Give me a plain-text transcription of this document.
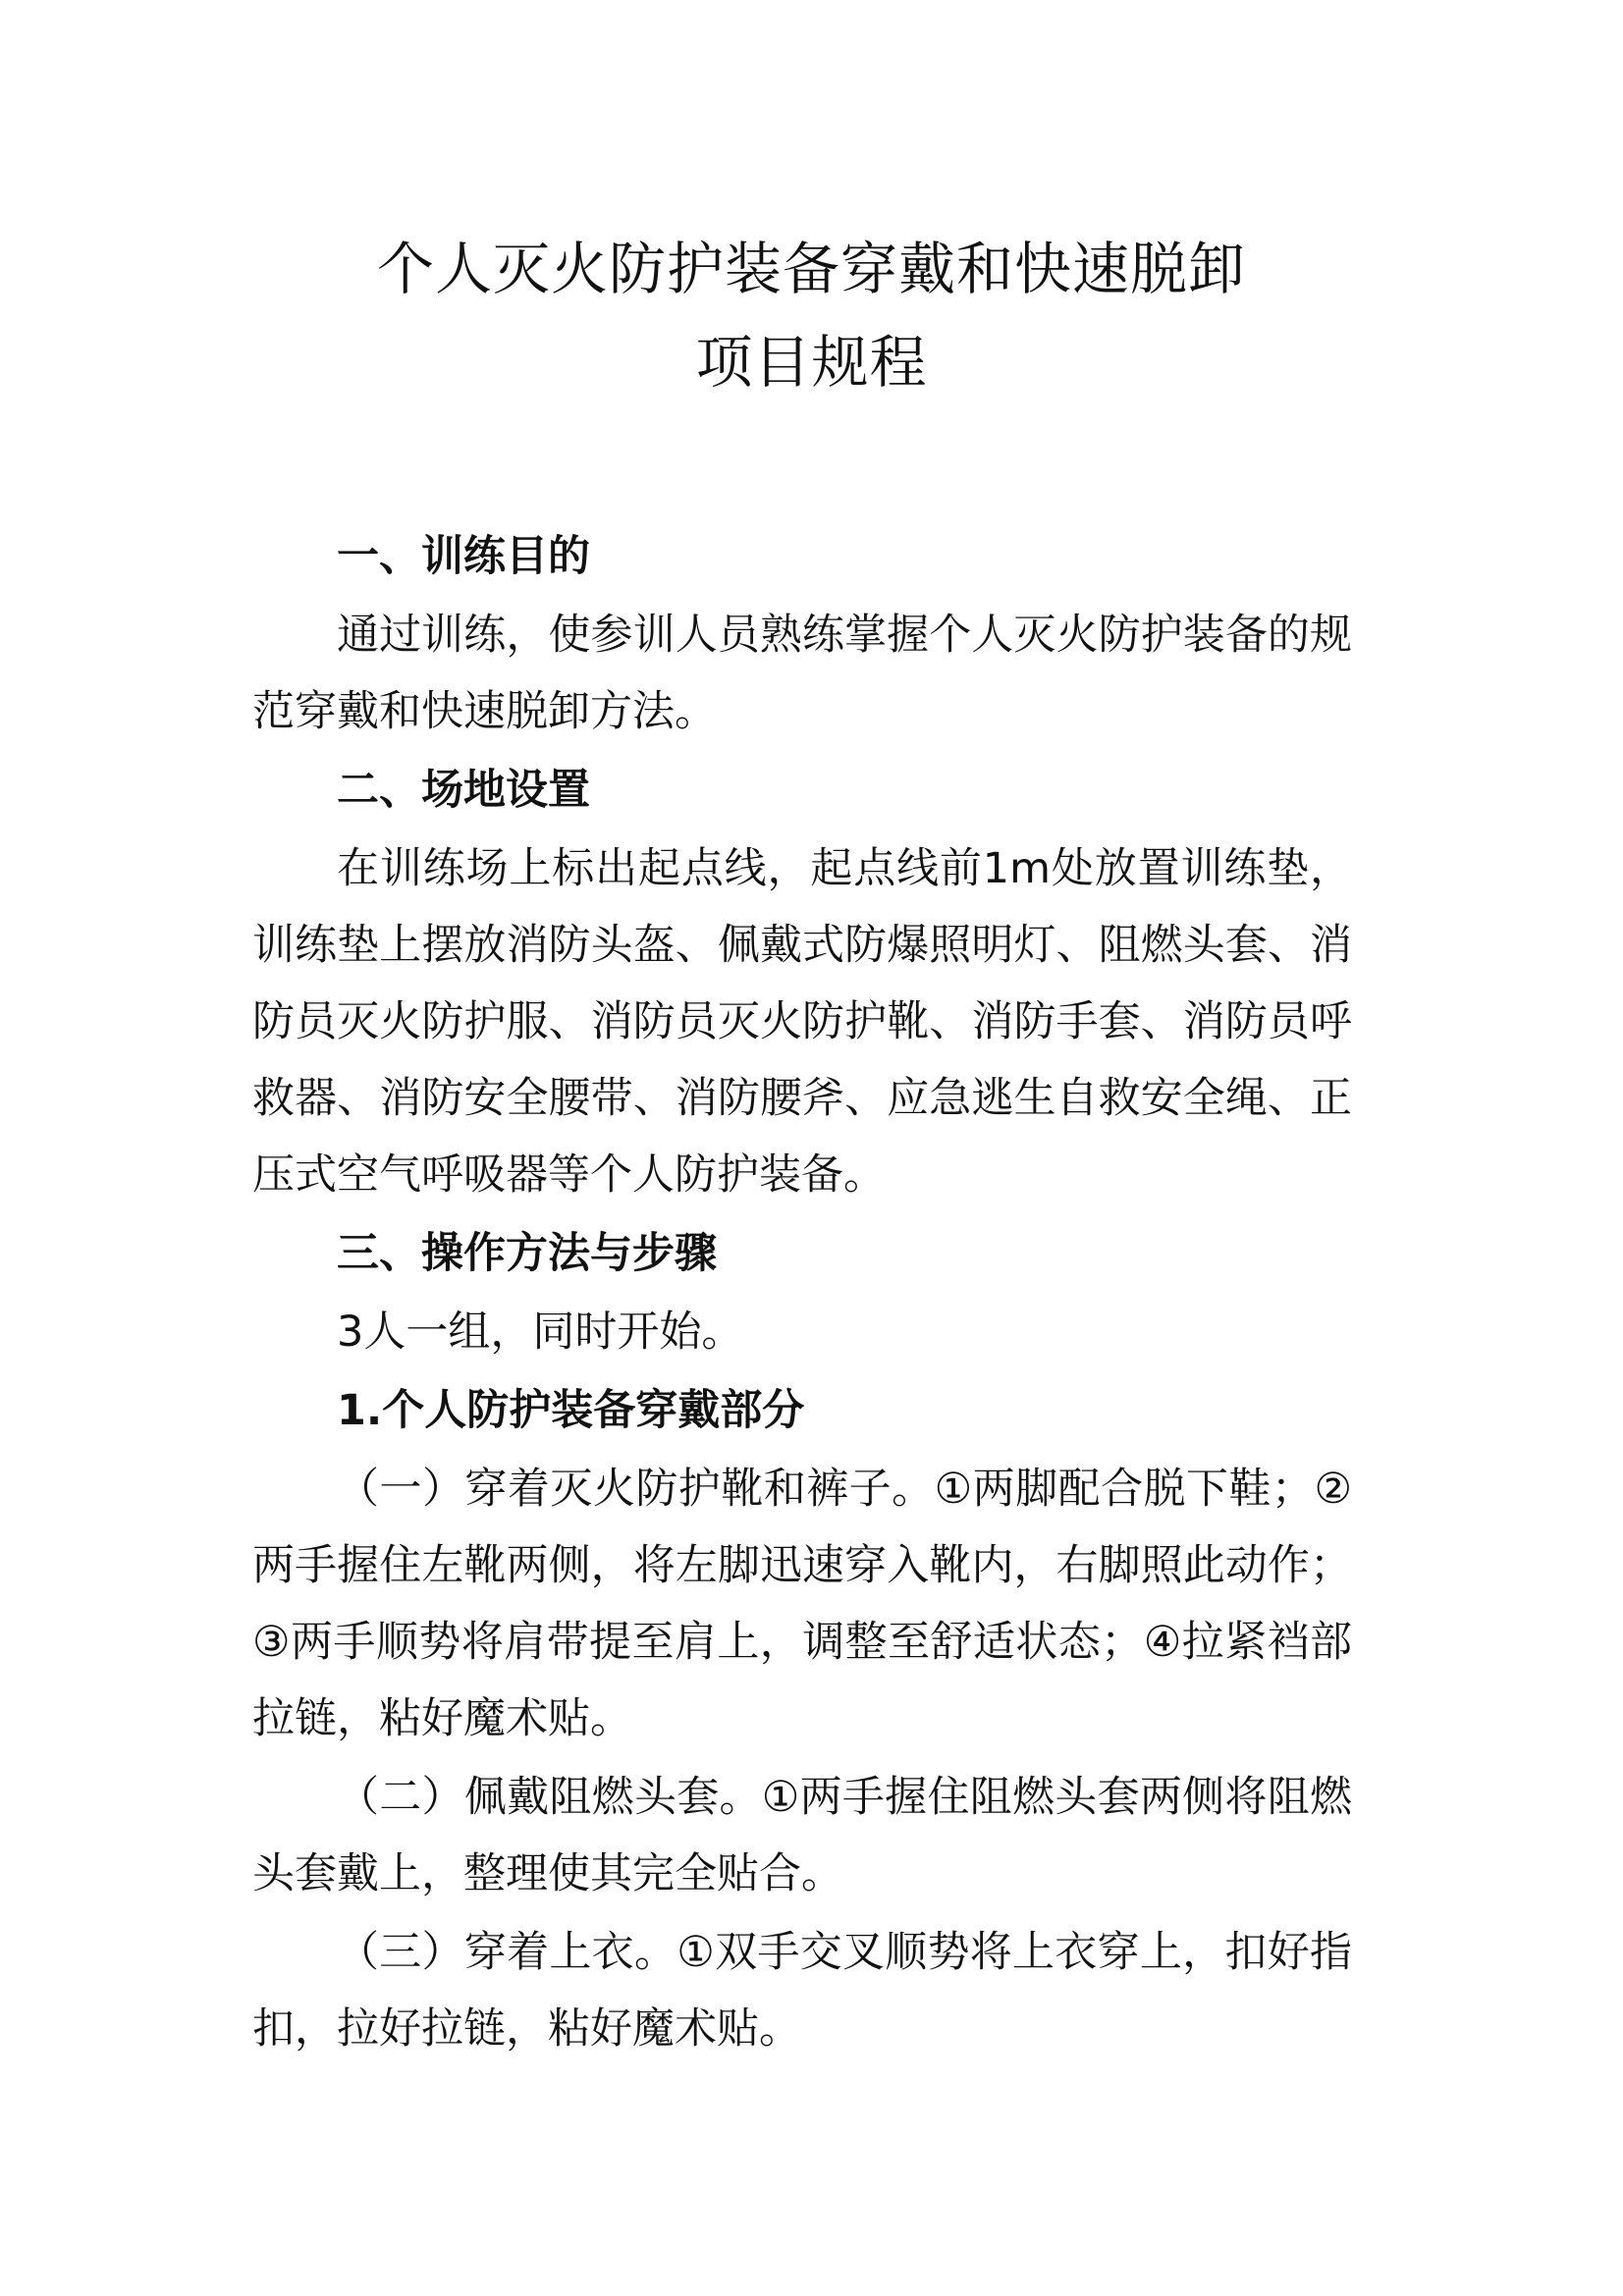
个人灭火防护装备穿戴和快速脱卸
项目规程

一、训练目的

通过训练，使参训人员熟练掌握个人灭火防护装备的规范穿戴和快速脱卸方法。

二、场地设置

在训练场上标出起点线，起点线前1m处放置训练垫，训练垫上摆放消防头盔、佩戴式防爆照明灯、阻燃头套、消防员灭火防护服、消防员灭火防护靴、消防手套、消防员呼救器、消防安全腰带、消防腰斧、应急逃生自救安全绳、正压式空气呼吸器等个人防护装备。

三、操作方法与步骤

3人一组，同时开始。

1.个人防护装备穿戴部分

（一）穿着灭火防护靴和裤子。①两脚配合脱下鞋；②两手握住左靴两侧，将左脚迅速穿入靴内，右脚照此动作；③两手顺势将肩带提至肩上，调整至舒适状态；④拉紧裆部拉链，粘好魔术贴。

（二）佩戴阻燃头套。①两手握住阻燃头套两侧将阻燃头套戴上，整理使其完全贴合。

（三）穿着上衣。①双手交叉顺势将上衣穿上，扣好指扣，拉好拉链，粘好魔术贴。
